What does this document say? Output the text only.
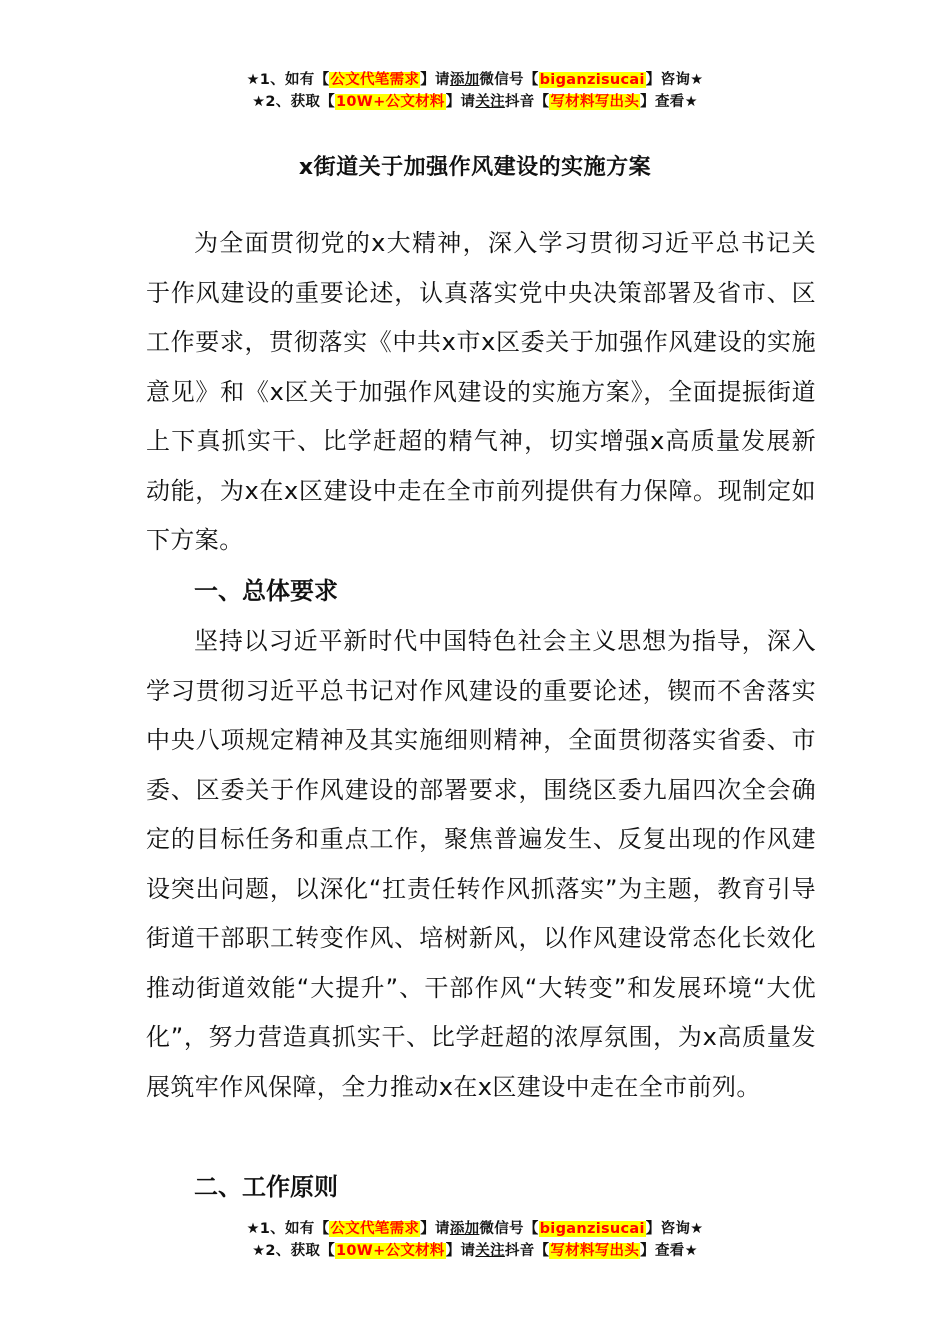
★1、如有【公文代笔需求】请添加微信号【biganzisucai】咨询★
★2、获取【10W+公文材料】请关注抖音【写材料写出头】查看★
x街道关于加强作风建设的实施方案

为全面贯彻党的x大精神，深入学习贯彻习近平总书记关于作风建设的重要论述，认真落实党中央决策部署及省市、区工作要求，贯彻落实《中共x市x区委关于加强作风建设的实施意见》和《x区关于加强作风建设的实施方案》，全面提振街道上下真抓实干、比学赶超的精气神，切实增强x高质量发展新动能，为x在x区建设中走在全市前列提供有力保障。现制定如下方案。

一、总体要求

坚持以习近平新时代中国特色社会主义思想为指导，深入学习贯彻习近平总书记对作风建设的重要论述，锲而不舍落实中央八项规定精神及其实施细则精神，全面贯彻落实省委、市委、区委关于作风建设的部署要求，围绕区委九届四次全会确定的目标任务和重点工作，聚焦普遍发生、反复出现的作风建设突出问题，以深化“扛责任转作风抓落实”为主题，教育引导街道干部职工转变作风、培树新风，以作风建设常态化长效化推动街道效能“大提升”、干部作风“大转变”和发展环境“大优化”，努力营造真抓实干、比学赶超的浓厚氛围，为x高质量发展筑牢作风保障，全力推动x在x区建设中走在全市前列。

二、工作原则

★1、如有【公文代笔需求】请添加微信号【biganzisucai】咨询★
★2、获取【10W+公文材料】请关注抖音【写材料写出头】查看★
